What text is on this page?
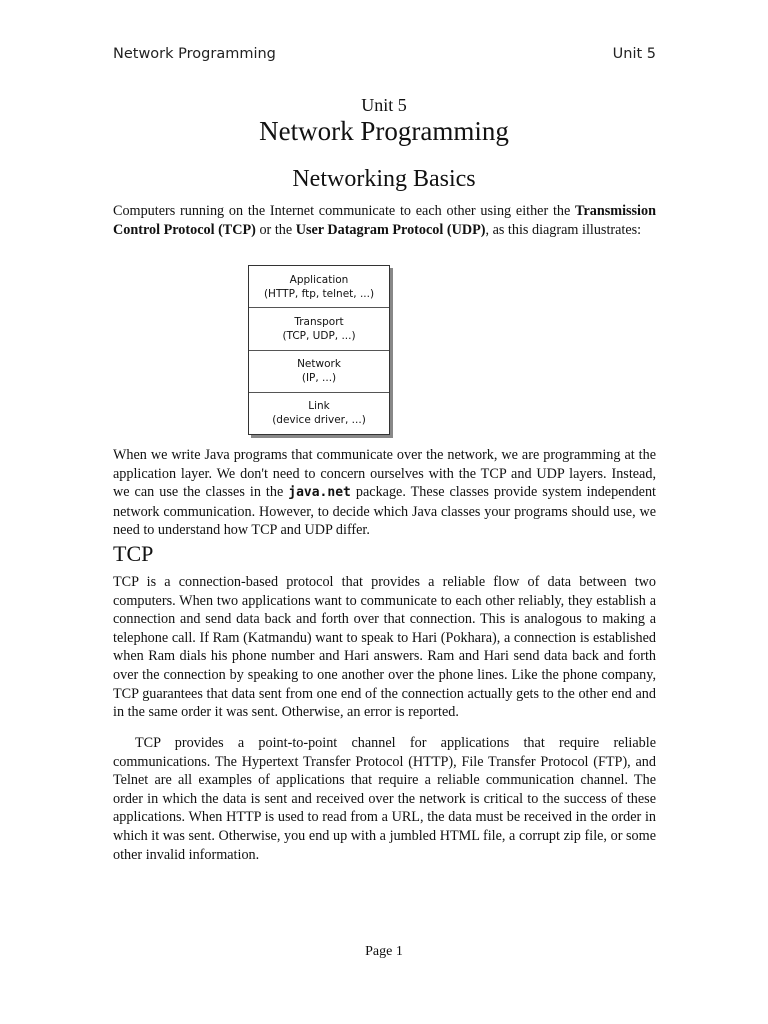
Network Programming	Unit 5
Unit 5
Network Programming
Networking Basics

Computers running on the Internet communicate to each other using either the Transmission Control Protocol (TCP) or the User Datagram Protocol (UDP), as this diagram illustrates:

Application
(HTTP, ftp, telnet, ...)
Transport
(TCP, UDP, ...)
Network
(IP, ...)
Link
(device driver, ...)

When we write Java programs that communicate over the network, we are programming at the application layer. We don't need to concern ourselves with the TCP and UDP layers. Instead, we can use the classes in the java.net package. These classes provide system independent network communication. However, to decide which Java classes your programs should use, we need to understand how TCP and UDP differ.

TCP

TCP is a connection-based protocol that provides a reliable flow of data between two computers. When two applications want to communicate to each other reliably, they establish a connection and send data back and forth over that connection. This is analogous to making a telephone call. If Ram (Katmandu) want to speak to Hari (Pokhara), a connection is established when Ram dials his phone number and Hari answers. Ram and Hari send data back and forth over the connection by speaking to one another over the phone lines. Like the phone company, TCP guarantees that data sent from one end of the connection actually gets to the other end and in the same order it was sent. Otherwise, an error is reported.

TCP provides a point-to-point channel for applications that require reliable communications. The Hypertext Transfer Protocol (HTTP), File Transfer Protocol (FTP), and Telnet are all examples of applications that require a reliable communication channel. The order in which the data is sent and received over the network is critical to the success of these applications. When HTTP is used to read from a URL, the data must be received in the order in which it was sent. Otherwise, you end up with a jumbled HTML file, a corrupt zip file, or some other invalid information.

Page 1
